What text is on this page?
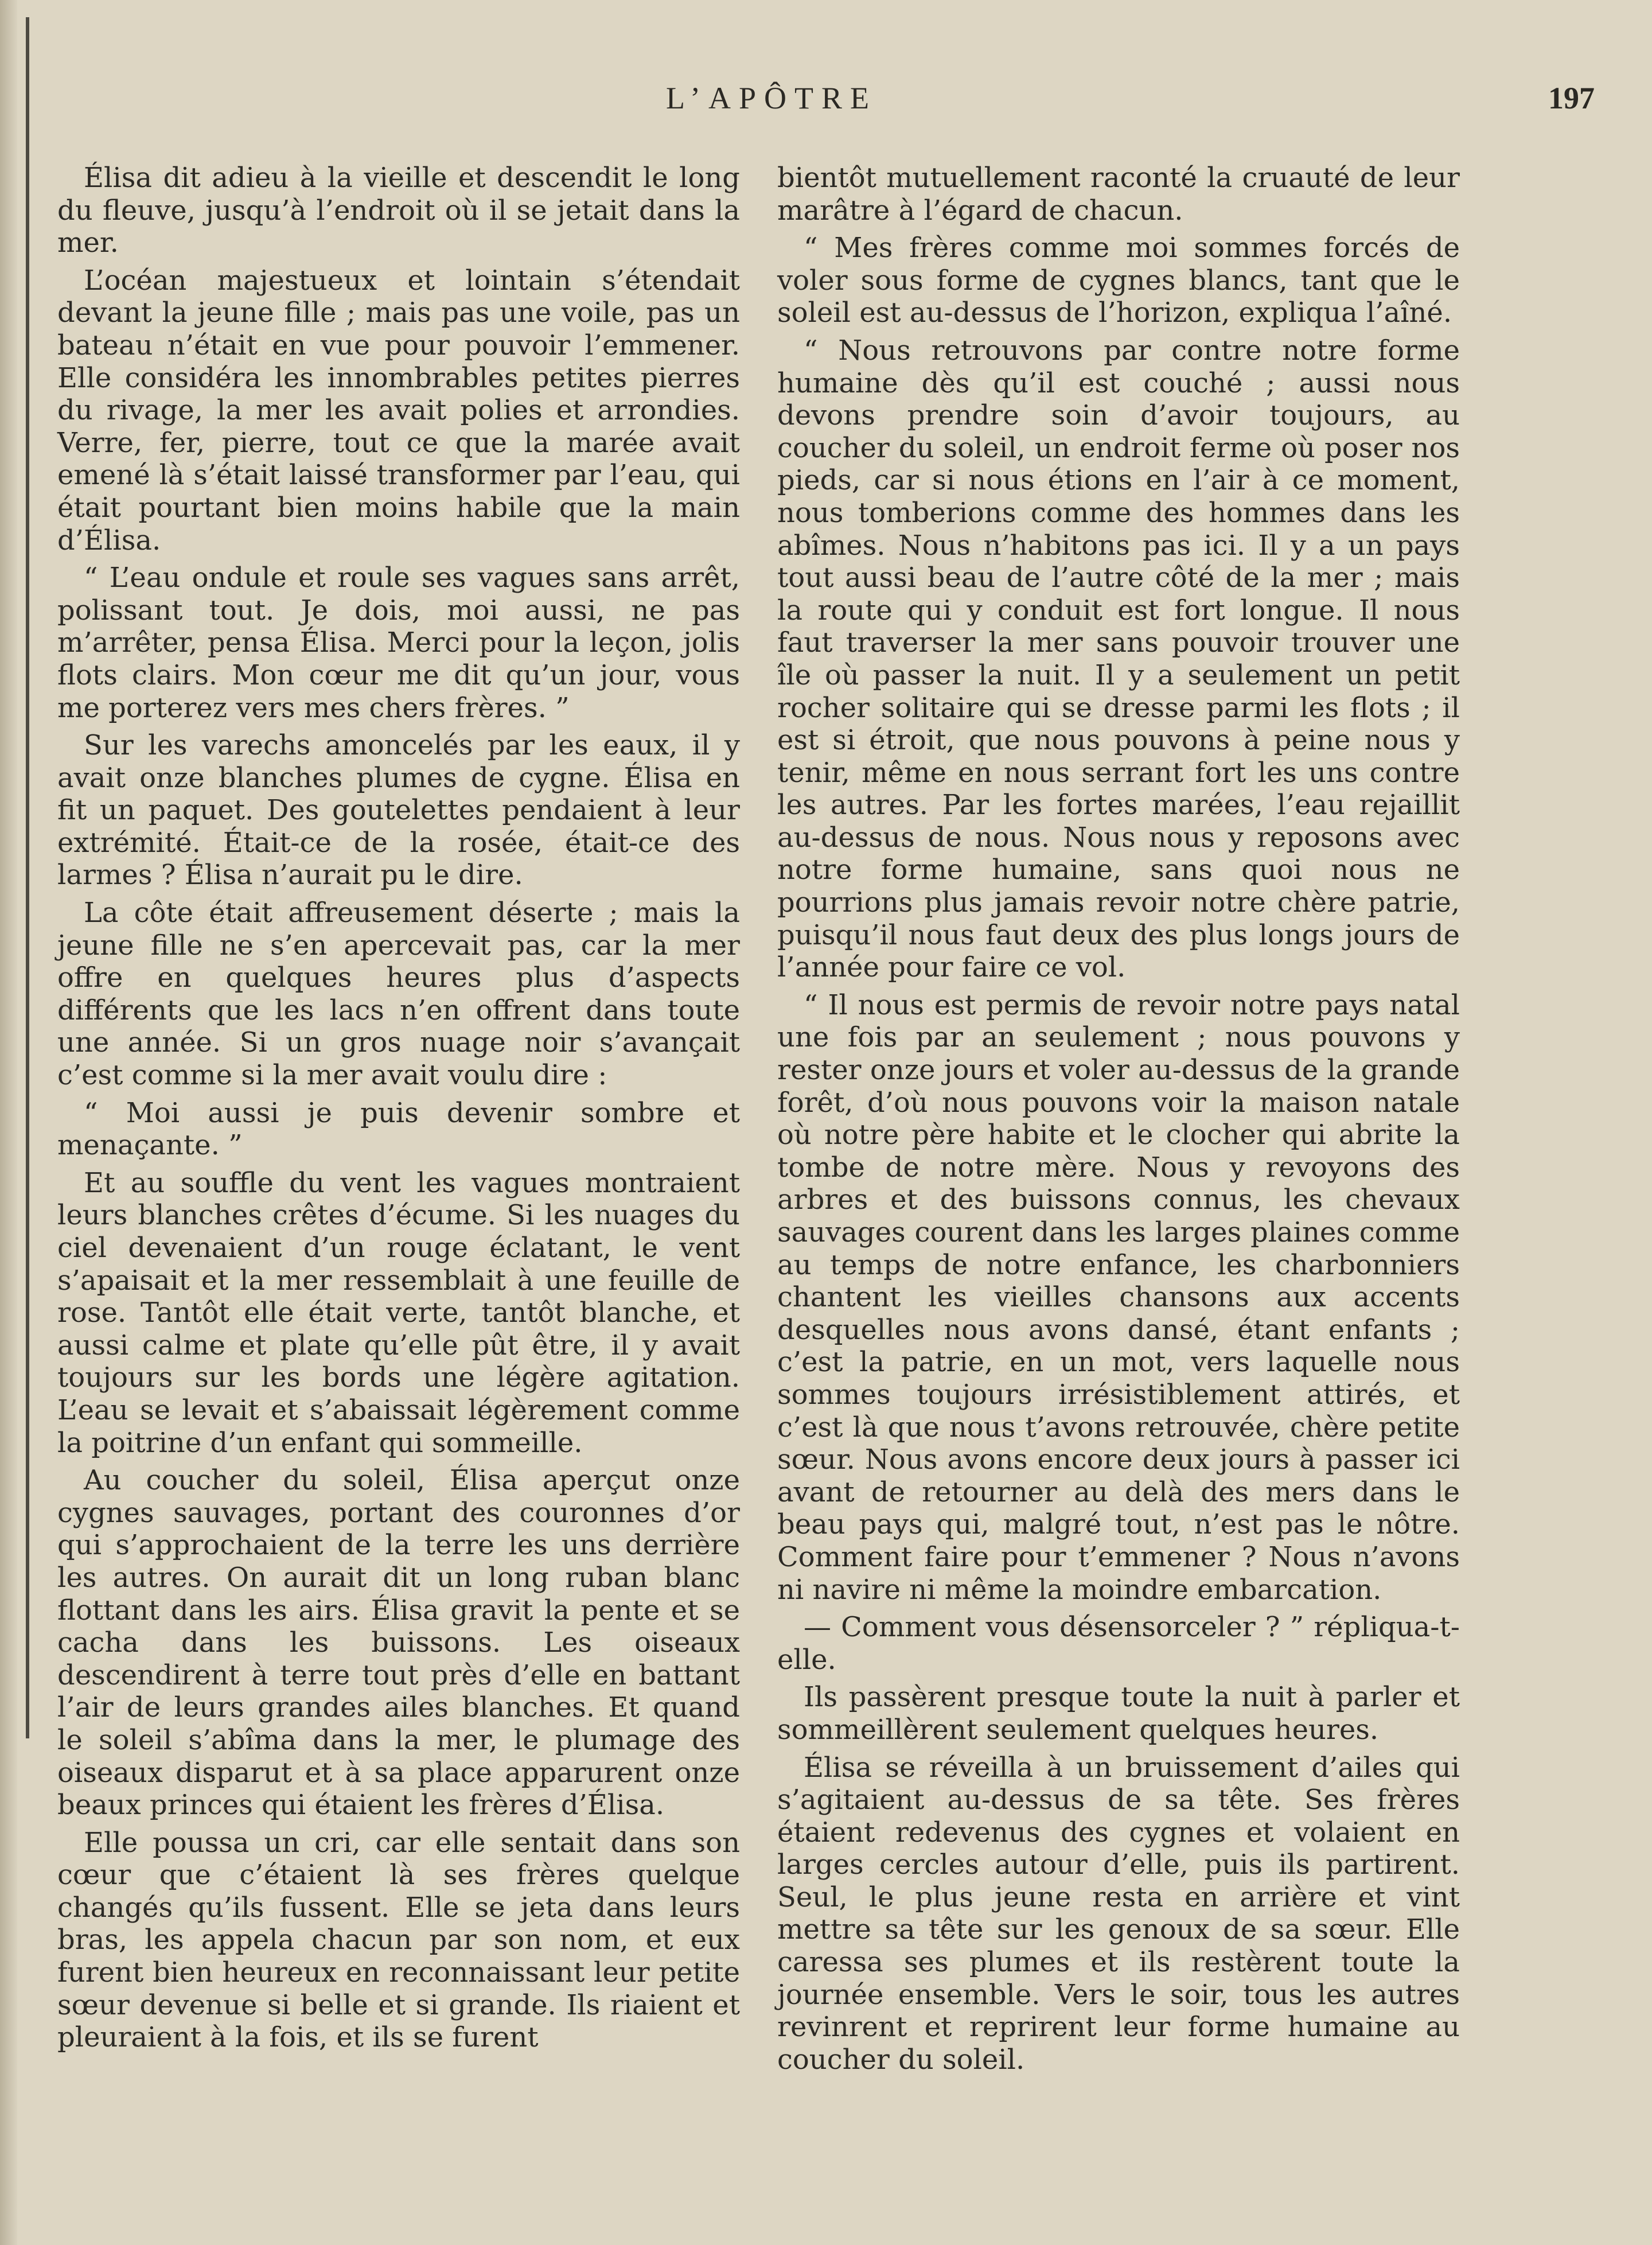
L’APÔTRE	197

Élisa dit adieu à la vieille et descendit le long du fleuve, jusqu’à l’endroit où il se jetait dans la mer.

L’océan majestueux et lointain s’étendait devant la jeune fille ; mais pas une voile, pas un bateau n’était en vue pour pouvoir l’emmener. Elle considéra les innombrables petites pierres du rivage, la mer les avait polies et arrondies. Verre, fer, pierre, tout ce que la marée avait emené là s’était laissé transformer par l’eau, qui était pourtant bien moins habile que la main d’Élisa.

“ L’eau ondule et roule ses vagues sans arrêt, polissant tout. Je dois, moi aussi, ne pas m’arrêter, pensa Élisa. Merci pour la leçon, jolis flots clairs. Mon cœur me dit qu’un jour, vous me porterez vers mes chers frères. ”

Sur les varechs amoncelés par les eaux, il y avait onze blanches plumes de cygne. Élisa en fit un paquet. Des goutelettes pendaient à leur extrémité. Était-ce de la rosée, était-ce des larmes ? Élisa n’aurait pu le dire.

La côte était affreusement déserte ; mais la jeune fille ne s’en apercevait pas, car la mer offre en quelques heures plus d’aspects différents que les lacs n’en offrent dans toute une année. Si un gros nuage noir s’avançait c’est comme si la mer avait voulu dire :

“ Moi aussi je puis devenir sombre et menaçante. ”

Et au souffle du vent les vagues montraient leurs blanches crêtes d’écume. Si les nuages du ciel devenaient d’un rouge éclatant, le vent s’apaisait et la mer ressemblait à une feuille de rose. Tantôt elle était verte, tantôt blanche, et aussi calme et plate qu’elle pût être, il y avait toujours sur les bords une légère agitation. L’eau se levait et s’abaissait légèrement comme la poitrine d’un enfant qui sommeille.

Au coucher du soleil, Élisa aperçut onze cygnes sauvages, portant des couronnes d’or qui s’approchaient de la terre les uns derrière les autres. On aurait dit un long ruban blanc flottant dans les airs. Élisa gravit la pente et se cacha dans les buissons. Les oiseaux descendirent à terre tout près d’elle en battant l’air de leurs grandes ailes blanches. Et quand le soleil s’abîma dans la mer, le plumage des oiseaux disparut et à sa place apparurent onze beaux princes qui étaient les frères d’Élisa.

Elle poussa un cri, car elle sentait dans son cœur que c’étaient là ses frères quelque changés qu’ils fussent. Elle se jeta dans leurs bras, les appela chacun par son nom, et eux furent bien heureux en reconnaissant leur petite sœur devenue si belle et si grande. Ils riaient et pleuraient à la fois, et ils se furent

bientôt mutuellement raconté la cruauté de leur marâtre à l’égard de chacun.

“ Mes frères comme moi sommes forcés de voler sous forme de cygnes blancs, tant que le soleil est au-dessus de l’horizon, expliqua l’aîné.

“ Nous retrouvons par contre notre forme humaine dès qu’il est couché ; aussi nous devons prendre soin d’avoir toujours, au coucher du soleil, un endroit ferme où poser nos pieds, car si nous étions en l’air à ce moment, nous tomberions comme des hommes dans les abîmes. Nous n’habitons pas ici. Il y a un pays tout aussi beau de l’autre côté de la mer ; mais la route qui y conduit est fort longue. Il nous faut traverser la mer sans pouvoir trouver une île où passer la nuit. Il y a seulement un petit rocher solitaire qui se dresse parmi les flots ; il est si étroit, que nous pouvons à peine nous y tenir, même en nous serrant fort les uns contre les autres. Par les fortes marées, l’eau rejaillit au-dessus de nous. Nous nous y reposons avec notre forme humaine, sans quoi nous ne pourrions plus jamais revoir notre chère patrie, puisqu’il nous faut deux des plus longs jours de l’année pour faire ce vol.

“ Il nous est permis de revoir notre pays natal une fois par an seulement ; nous pouvons y rester onze jours et voler au-dessus de la grande forêt, d’où nous pouvons voir la maison natale où notre père habite et le clocher qui abrite la tombe de notre mère. Nous y revoyons des arbres et des buissons connus, les chevaux sauvages courent dans les larges plaines comme au temps de notre enfance, les charbonniers chantent les vieilles chansons aux accents desquelles nous avons dansé, étant enfants ; c’est la patrie, en un mot, vers laquelle nous sommes toujours irrésistiblement attirés, et c’est là que nous t’avons retrouvée, chère petite sœur. Nous avons encore deux jours à passer ici avant de retourner au delà des mers dans le beau pays qui, malgré tout, n’est pas le nôtre. Comment faire pour t’emmener ? Nous n’avons ni navire ni même la moindre embarcation.

— Comment vous désensorceler ? ” répliqua-t-elle.

Ils passèrent presque toute la nuit à parler et sommeillèrent seulement quelques heures.

Élisa se réveilla à un bruissement d’ailes qui s’agitaient au-dessus de sa tête. Ses frères étaient redevenus des cygnes et volaient en larges cercles autour d’elle, puis ils partirent. Seul, le plus jeune resta en arrière et vint mettre sa tête sur les genoux de sa sœur. Elle caressa ses plumes et ils restèrent toute la journée ensemble. Vers le soir, tous les autres revinrent et reprirent leur forme humaine au coucher du soleil.
